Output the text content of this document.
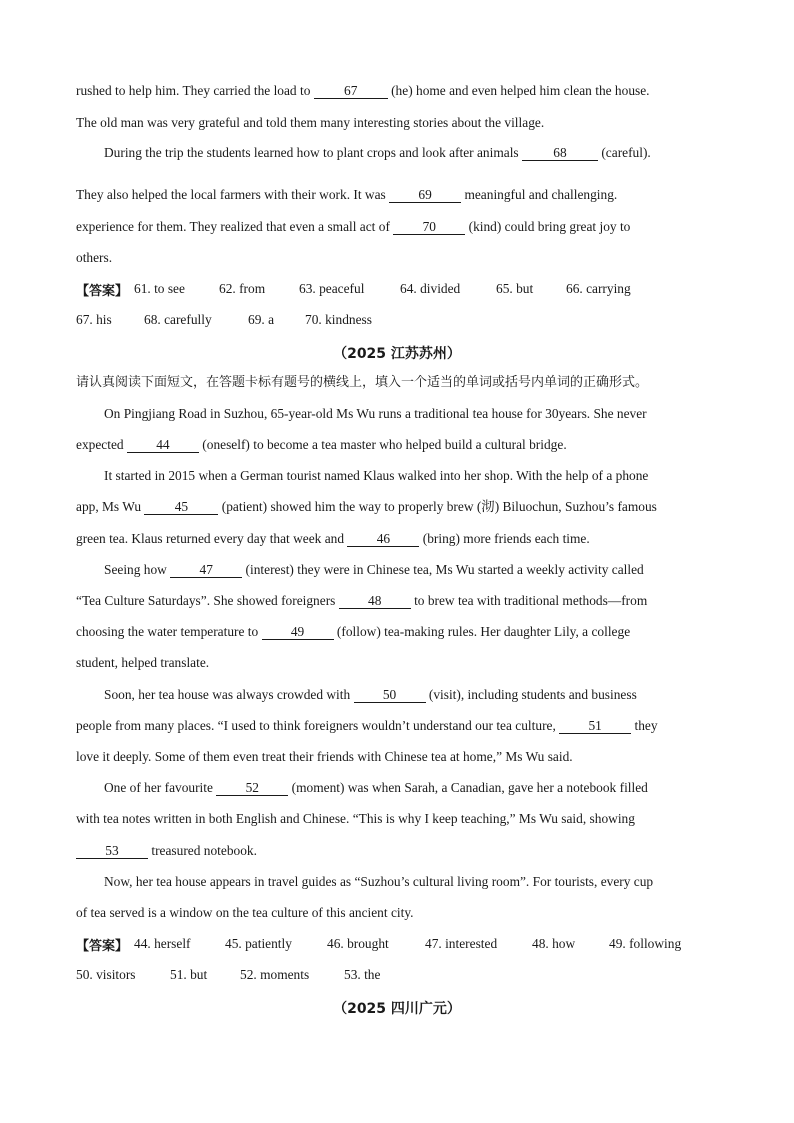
rushed to help him. They carried the load to 67 (he) home and even helped him clean the house.
The old man was very grateful and told them many interesting stories about the village.
During the trip the students learned how to plant crops and look after animals 68 (careful).
They also helped the local farmers with their work. It was 69 meaningful and challenging.
experience for them. They realized that even a small act of 70 (kind) could bring great joy to
others.
【答案】 61. to see	62. from	63. peaceful	64. divided	65. but 66. carrying
67. his 68. carefully	69. a 70. kindness
（2025 江苏苏州）
请认真阅读下面短文，在答题卡标有题号的横线上，填入一个适当的单词或括号内单词的正确形式。
On Pingjiang Road in Suzhou, 65-year-old Ms Wu runs a traditional tea house for 30years. She never
expected 44 (oneself) to become a tea master who helped build a cultural bridge.
It started in 2015 when a German tourist named Klaus walked into her shop. With the help of a phone
app, Ms Wu 45 (patient) showed him the way to properly brew (沏) Biluochun, Suzhou’s famous
green tea. Klaus returned every day that week and 46 (bring) more friends each time.
Seeing how 47 (interest) they were in Chinese tea, Ms Wu started a weekly activity called
“Tea Culture Saturdays”. She showed foreigners 48 to brew tea with traditional methods—from
choosing the water temperature to 49 (follow) tea-making rules. Her daughter Lily, a college
student, helped translate.
Soon, her tea house was always crowded with 50 (visit), including students and business
people from many places. “I used to think foreigners wouldn’t understand our tea culture, 51 they
love it deeply. Some of them even treat their friends with Chinese tea at home,” Ms Wu said.
One of her favourite 52 (moment) was when Sarah, a Canadian, gave her a notebook filled
with tea notes written in both English and Chinese. “This is why I keep teaching,” Ms Wu said, showing
53 treasured notebook.
Now, her tea house appears in travel guides as “Suzhou’s cultural living room”. For tourists, every cup
of tea served is a window on the tea culture of this ancient city.
【答案】 44. herself	45. patiently	46. brought	47. interested	48. how	49. following
50. visitors	51. but 52. moments	53. the
（2025 四川广元）
